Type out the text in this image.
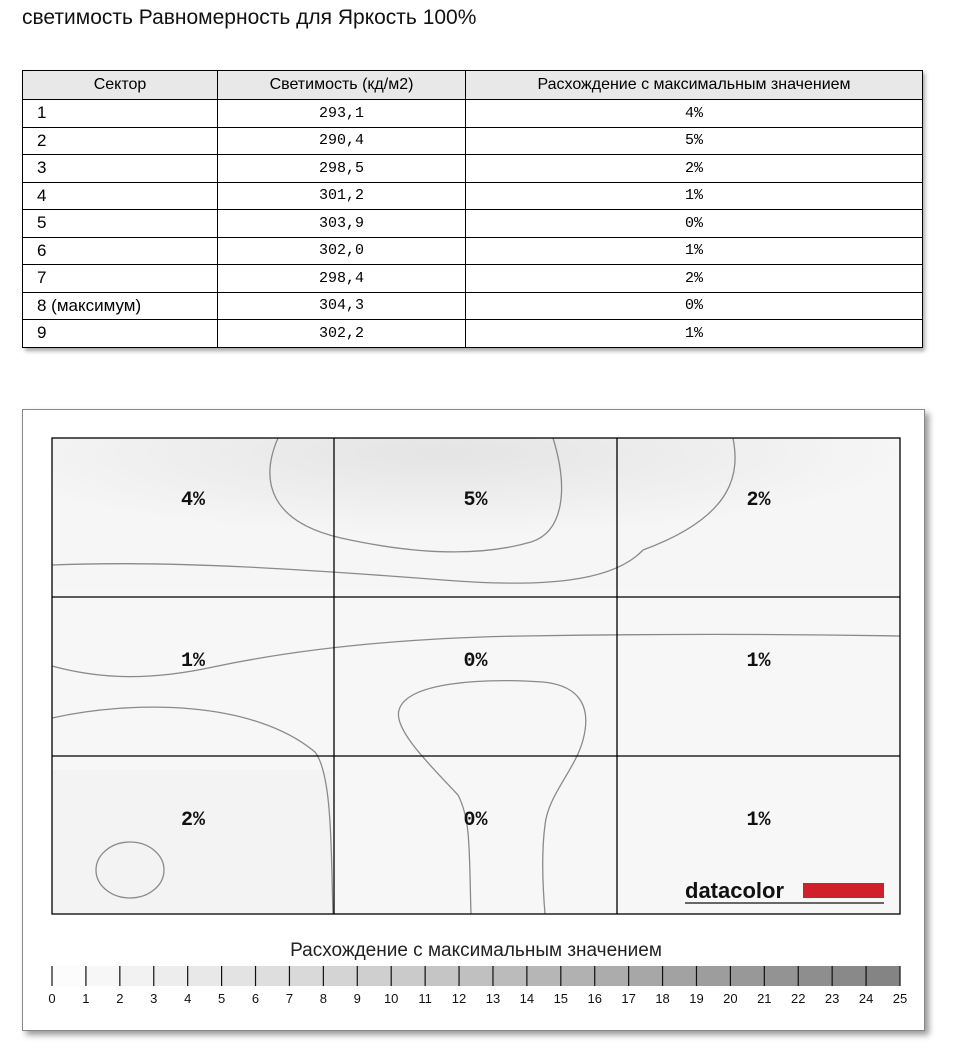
светимость Равномерность для Яркость 100%
Сектор	Светимость (кд/м2)	Расхождение с максимальным значением
1	293,1	4%
2	290,4	5%
3	298,5	2%
4	301,2	1%
5	303,9	0%
6	302,0	1%
7	298,4	2%
8 (максимум)	304,3	0%
9	302,2	1%
4%	5%	2%
1%	0%	1%
2%	0%	1%
datacolor
Расхождение с максимальным значением
0 1 2 3 4 5 6 7 8 9 10 11 12 13 14 15 16 17 18 19 20 21 22 23 24 25
